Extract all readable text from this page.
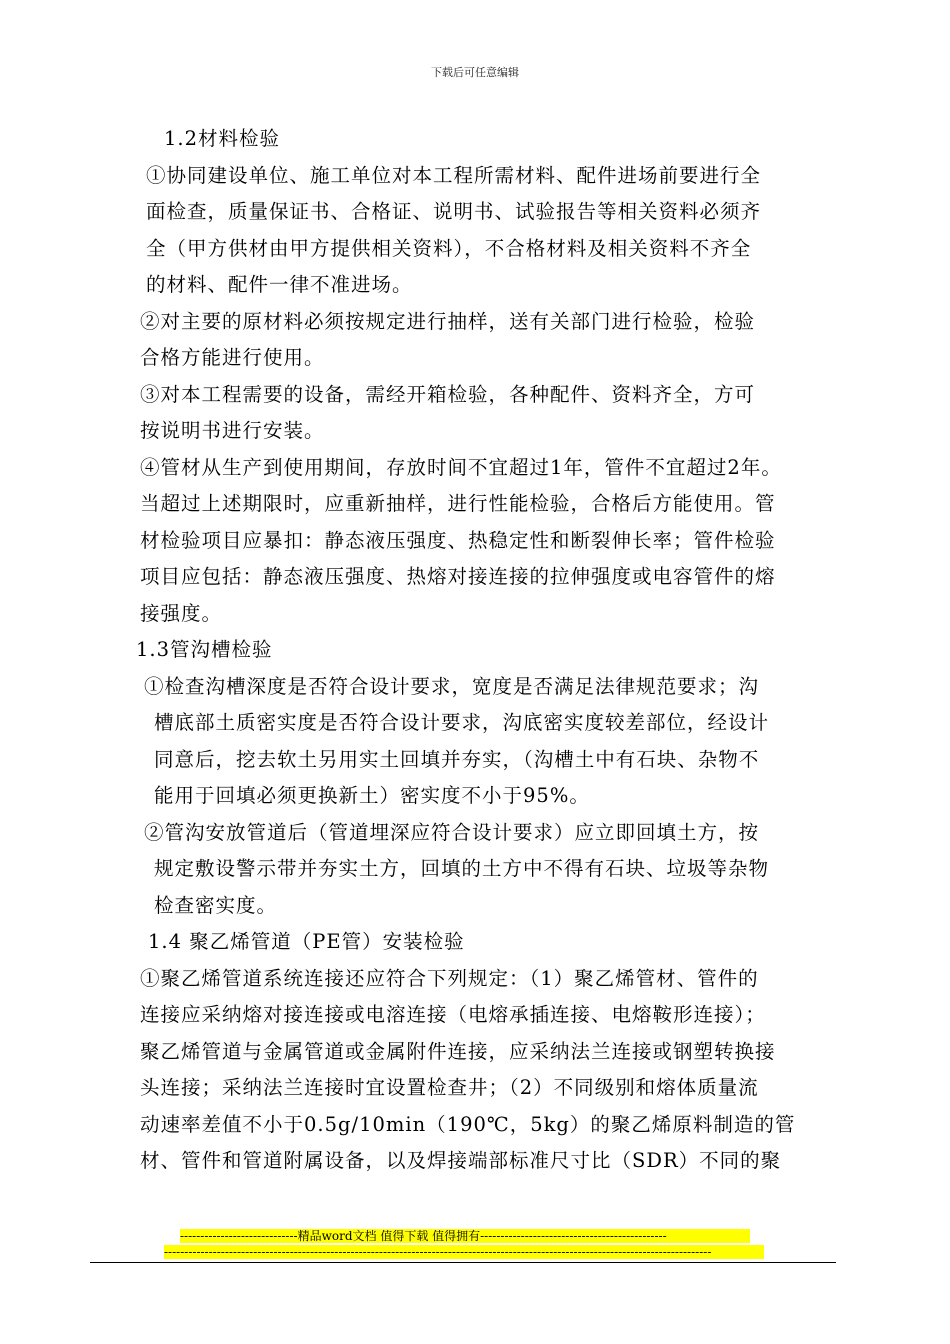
下载后可任意编辑
1.2材料检验
①协同建设单位、施工单位对本工程所需材料、配件进场前要进行全
面检查，质量保证书、合格证、说明书、试验报告等相关资料必须齐
全（甲方供材由甲方提供相关资料），不合格材料及相关资料不齐全
的材料、配件一律不准进场。
②对主要的原材料必须按规定进行抽样，送有关部门进行检验，检验
合格方能进行使用。
③对本工程需要的设备，需经开箱检验，各种配件、资料齐全，方可
按说明书进行安装。
④管材从生产到使用期间，存放时间不宜超过1年，管件不宜超过2年。
当超过上述期限时，应重新抽样，进行性能检验，合格后方能使用。管
材检验项目应暴扣：静态液压强度、热稳定性和断裂伸长率；管件检验
项目应包括：静态液压强度、热熔对接连接的拉伸强度或电容管件的熔
接强度。
1.3管沟槽检验
①检查沟槽深度是否符合设计要求，宽度是否满足法律规范要求；沟
槽底部土质密实度是否符合设计要求，沟底密实度较差部位，经设计
同意后，挖去软土另用实土回填并夯实，（沟槽土中有石块、杂物不
能用于回填必须更换新土）密实度不小于95%。
②管沟安放管道后（管道埋深应符合设计要求）应立即回填土方，按
规定敷设警示带并夯实土方，回填的土方中不得有石块、垃圾等杂物
检查密实度。
1.4 聚乙烯管道（PE管）安装检验
①聚乙烯管道系统连接还应符合下列规定：（1）聚乙烯管材、管件的
连接应采纳熔对接连接或电溶连接（电熔承插连接、电熔鞍形连接）；
聚乙烯管道与金属管道或金属附件连接，应采纳法兰连接或钢塑转换接
头连接；采纳法兰连接时宜设置检查井；（2）不同级别和熔体质量流
动速率差值不小于0.5g/10min（190℃，5kg）的聚乙烯原料制造的管
材、管件和管道附属设备，以及焊接端部标准尺寸比（SDR）不同的聚
-----------------------------精品word文档 值得下载 值得拥有----------------------------------------------
---------------------------------------------------------------------------------------------------------------------------------------
